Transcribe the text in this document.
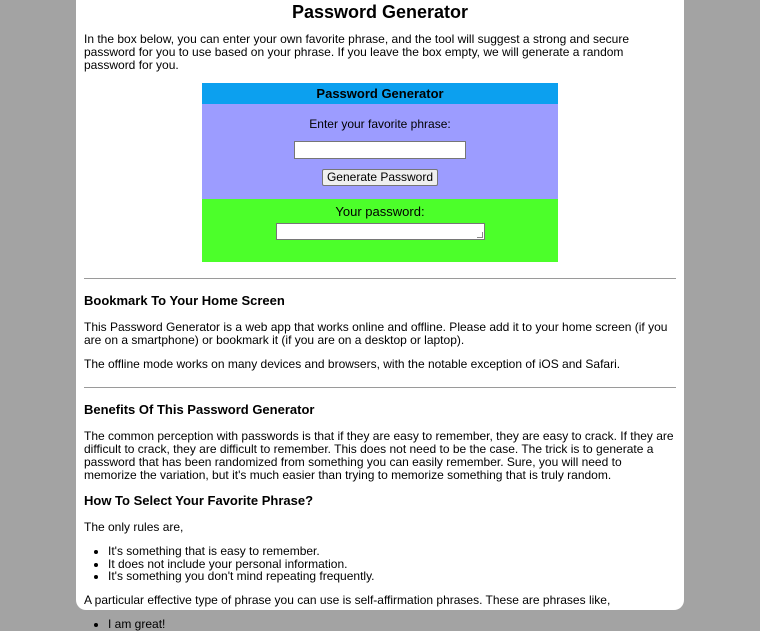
Password Generator

In the box below, you can enter your own favorite phrase, and the tool will suggest a strong and secure password for you to use based on your phrase. If you leave the box empty, we will generate a random password for you.

Password Generator
Enter your favorite phrase:
Generate Password
Your password:
Bookmark To Your Home Screen

This Password Generator is a web app that works online and offline. Please add it to your home screen (if you are on a smartphone) or bookmark it (if you are on a desktop or laptop).

The offline mode works on many devices and browsers, with the notable exception of iOS and Safari.

Benefits Of This Password Generator

The common perception with passwords is that if they are easy to remember, they are easy to crack. If they are difficult to crack, they are difficult to remember. This does not need to be the case. The trick is to generate a password that has been randomized from something you can easily remember. Sure, you will need to memorize the variation, but it's much easier than trying to memorize something that is truly random.

How To Select Your Favorite Phrase?

The only rules are,

• It's something that is easy to remember.
• It does not include your personal information.
• It's something you don't mind repeating frequently.

A particular effective type of phrase you can use is self-affirmation phrases. These are phrases like,

• I am great!
